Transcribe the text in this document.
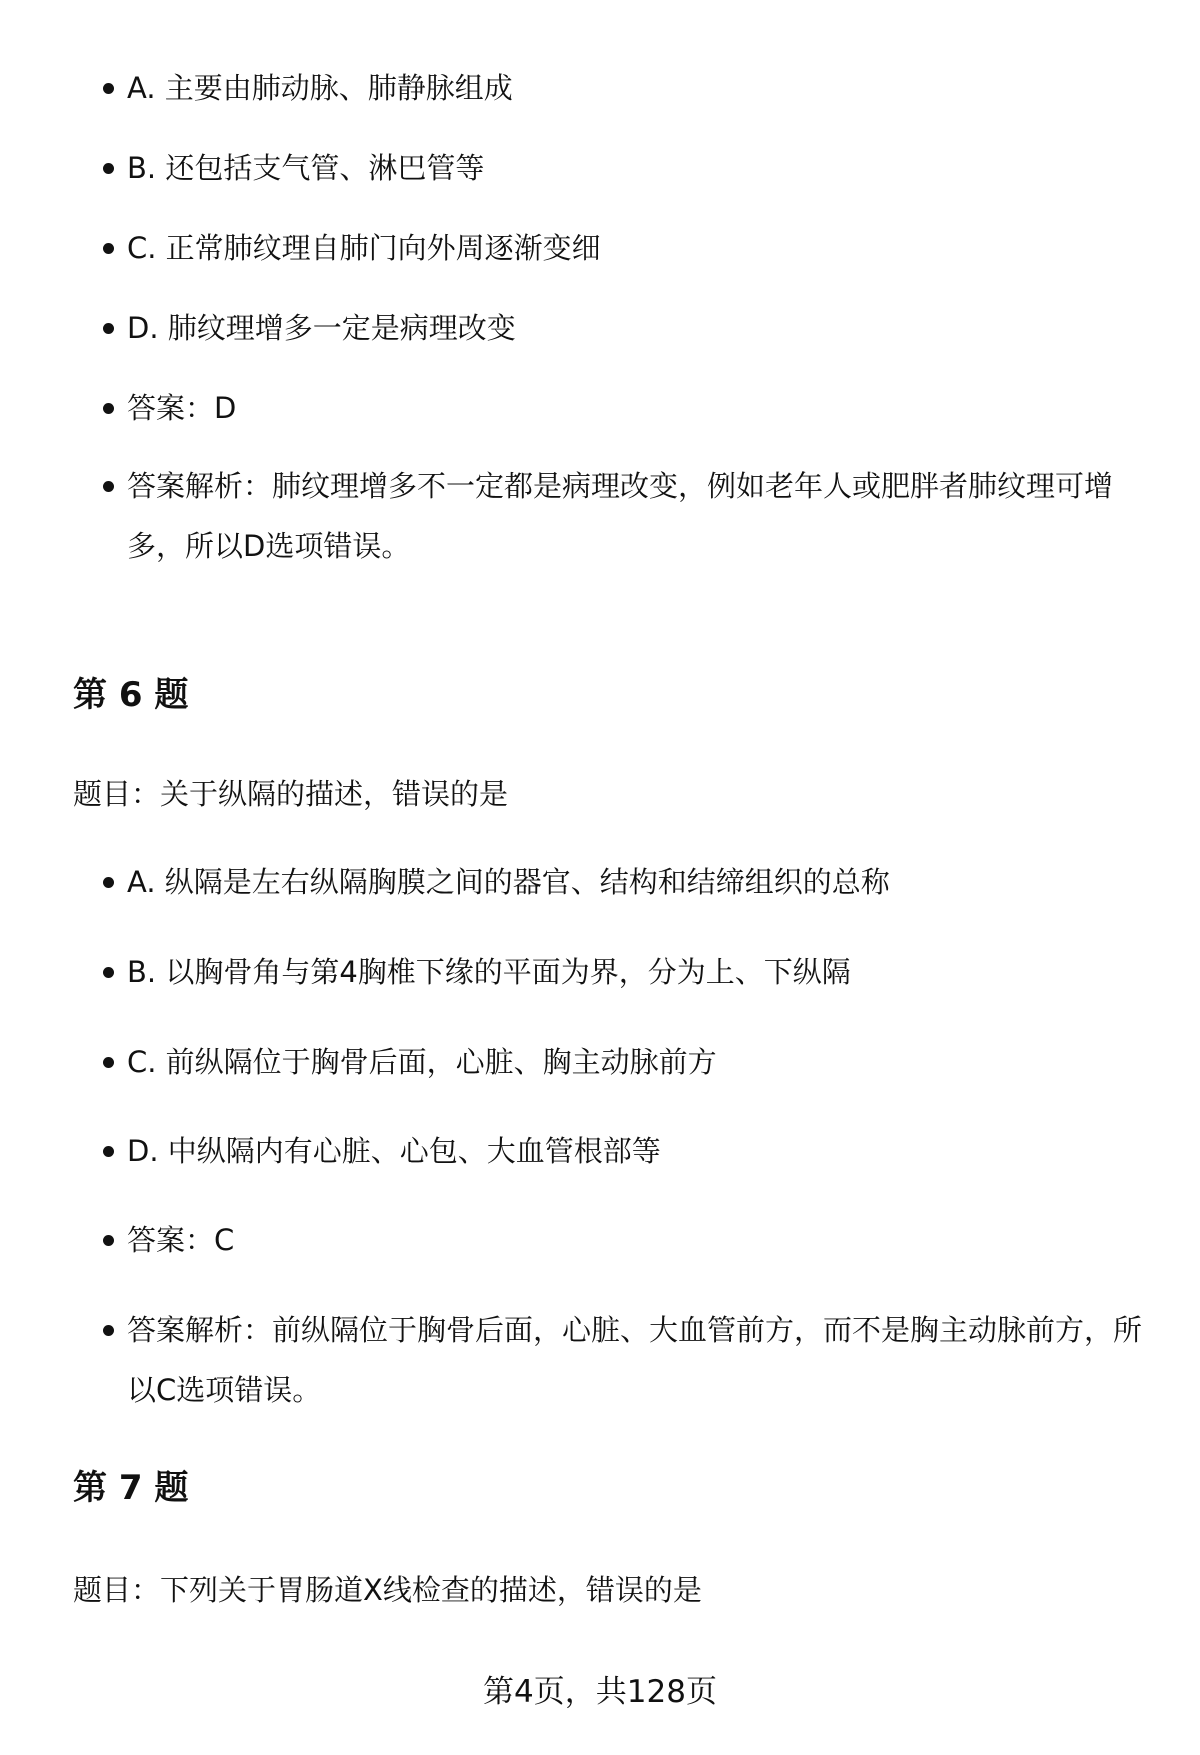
A. 主要由肺动脉、肺静脉组成
B. 还包括支气管、淋巴管等
C. 正常肺纹理自肺门向外周逐渐变细
D. 肺纹理增多一定是病理改变
答案：D
答案解析：肺纹理增多不一定都是病理改变，例如老年人或肥胖者肺纹理可增多，所以D选项错误。
第 6 题

题目：关于纵隔的描述，错误的是

A. 纵隔是左右纵隔胸膜之间的器官、结构和结缔组织的总称
B. 以胸骨角与第4胸椎下缘的平面为界，分为上、下纵隔
C. 前纵隔位于胸骨后面，心脏、胸主动脉前方
D. 中纵隔内有心脏、心包、大血管根部等
答案：C
答案解析：前纵隔位于胸骨后面，心脏、大血管前方，而不是胸主动脉前方，所以C选项错误。
第 7 题

题目：下列关于胃肠道X线检查的描述，错误的是

第4页，共128页
